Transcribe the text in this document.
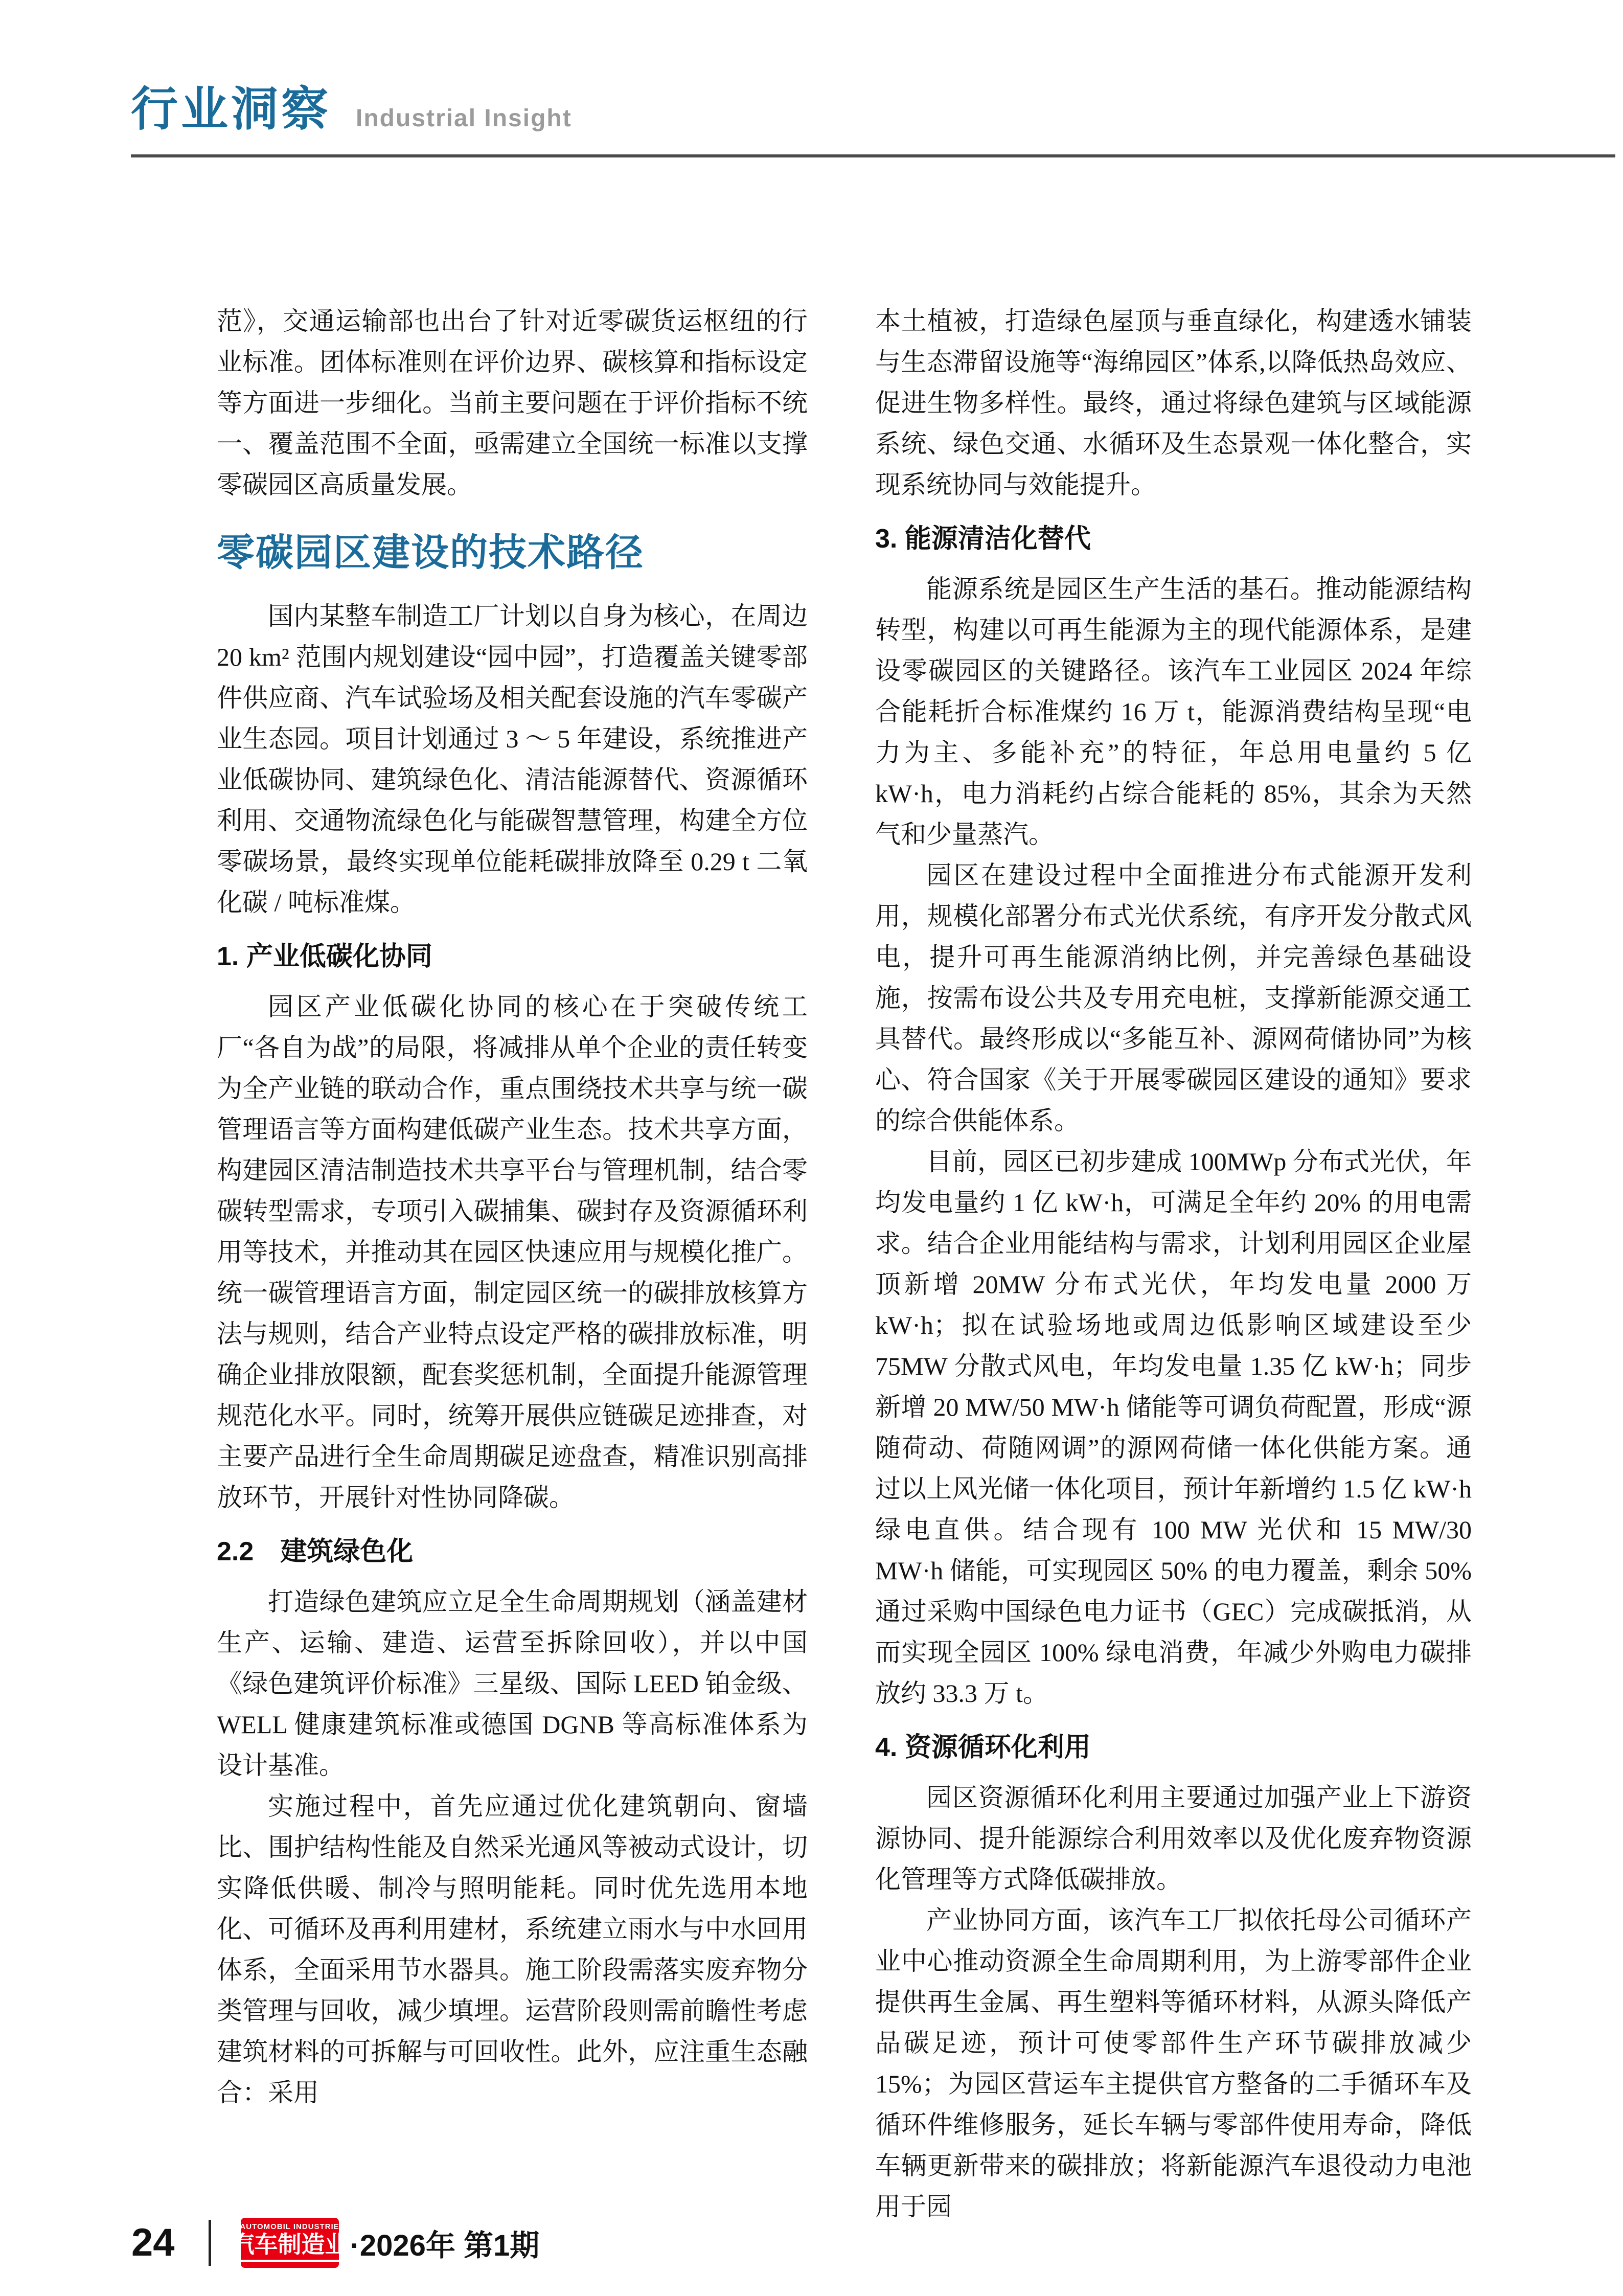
行业洞察 Industrial Insight

范》，交通运输部也出台了针对近零碳货运枢纽的行业标准。团体标准则在评价边界、碳核算和指标设定等方面进一步细化。当前主要问题在于评价指标不统一、覆盖范围不全面，亟需建立全国统一标准以支撑零碳园区高质量发展。

零碳园区建设的技术路径

国内某整车制造工厂计划以自身为核心，在周边 20 km² 范围内规划建设“园中园”，打造覆盖关键零部件供应商、汽车试验场及相关配套设施的汽车零碳产业生态园。项目计划通过 3 ～ 5 年建设，系统推进产业低碳协同、建筑绿色化、清洁能源替代、资源循环利用、交通物流绿色化与能碳智慧管理，构建全方位零碳场景，最终实现单位能耗碳排放降至 0.29 t 二氧化碳 / 吨标准煤。

1. 产业低碳化协同

园区产业低碳化协同的核心在于突破传统工厂“各自为战”的局限，将减排从单个企业的责任转变为全产业链的联动合作，重点围绕技术共享与统一碳管理语言等方面构建低碳产业生态。技术共享方面，构建园区清洁制造技术共享平台与管理机制，结合零碳转型需求，专项引入碳捕集、碳封存及资源循环利用等技术，并推动其在园区快速应用与规模化推广。统一碳管理语言方面，制定园区统一的碳排放核算方法与规则，结合产业特点设定严格的碳排放标准，明确企业排放限额，配套奖惩机制，全面提升能源管理规范化水平。同时，统筹开展供应链碳足迹排查，对主要产品进行全生命周期碳足迹盘查，精准识别高排放环节，开展针对性协同降碳。

2.2　建筑绿色化

打造绿色建筑应立足全生命周期规划（涵盖建材生产、运输、建造、运营至拆除回收），并以中国《绿色建筑评价标准》三星级、国际 LEED 铂金级、WELL 健康建筑标准或德国 DGNB 等高标准体系为设计基准。

实施过程中，首先应通过优化建筑朝向、窗墙比、围护结构性能及自然采光通风等被动式设计，切实降低供暖、制冷与照明能耗。同时优先选用本地化、可循环及再利用建材，系统建立雨水与中水回用体系，全面采用节水器具。施工阶段需落实废弃物分类管理与回收，减少填埋。运营阶段则需前瞻性考虑建筑材料的可拆解与可回收性。此外，应注重生态融合：采用

本土植被，打造绿色屋顶与垂直绿化，构建透水铺装与生态滞留设施等“海绵园区”体系,以降低热岛效应、促进生物多样性。最终，通过将绿色建筑与区域能源系统、绿色交通、水循环及生态景观一体化整合，实现系统协同与效能提升。

3. 能源清洁化替代

能源系统是园区生产生活的基石。推动能源结构转型，构建以可再生能源为主的现代能源体系，是建设零碳园区的关键路径。该汽车工业园区 2024 年综合能耗折合标准煤约 16 万 t，能源消费结构呈现“电力为主、多能补充”的特征，年总用电量约 5 亿 kW·h，电力消耗约占综合能耗的 85%，其余为天然气和少量蒸汽。

园区在建设过程中全面推进分布式能源开发利用，规模化部署分布式光伏系统，有序开发分散式风电，提升可再生能源消纳比例，并完善绿色基础设施，按需布设公共及专用充电桩，支撑新能源交通工具替代。最终形成以“多能互补、源网荷储协同”为核心、符合国家《关于开展零碳园区建设的通知》要求的综合供能体系。

目前，园区已初步建成 100MWp 分布式光伏，年均发电量约 1 亿 kW·h，可满足全年约 20% 的用电需求。结合企业用能结构与需求，计划利用园区企业屋顶新增 20MW 分布式光伏，年均发电量 2000 万 kW·h；拟在试验场地或周边低影响区域建设至少 75MW 分散式风电，年均发电量 1.35 亿 kW·h；同步新增 20 MW/50 MW·h 储能等可调负荷配置，形成“源随荷动、荷随网调”的源网荷储一体化供能方案。通过以上风光储一体化项目，预计年新增约 1.5 亿 kW·h 绿电直供。结合现有 100 MW 光伏和 15 MW/30 MW·h 储能，可实现园区 50% 的电力覆盖，剩余 50% 通过采购中国绿色电力证书（GEC）完成碳抵消，从而实现全园区 100% 绿电消费，年减少外购电力碳排放约 33.3 万 t。

4. 资源循环化利用

园区资源循环化利用主要通过加强产业上下游资源协同、提升能源综合利用效率以及优化废弃物资源化管理等方式降低碳排放。

产业协同方面，该汽车工厂拟依托母公司循环产业中心推动资源全生命周期利用，为上游零部件企业提供再生金属、再生塑料等循环材料，从源头降低产品碳足迹，预计可使零部件生产环节碳排放减少 15%；为园区营运车主提供官方整备的二手循环车及循环件维修服务，延长车辆与零部件使用寿命，降低车辆更新带来的碳排放；将新能源汽车退役动力电池用于园

24	AUTOMOBIL INDUSTRIE
汽车制造业 ·2026年 第1期
